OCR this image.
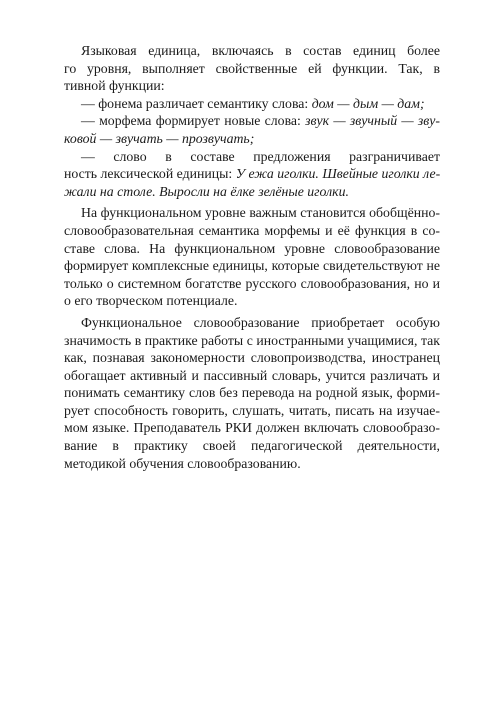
Языковая единица, включаясь в состав единиц более
го уровня, выполняет свойственные ей функции. Так, в
тивной функции:
— фонема различает семантику слова: дом — дым — дам;
— морфема формирует новые слова: звук — звучный — зву-
ковой — звучать — прозвучать;
— слово в составе предложения разграничивает
ность лексической единицы: У ежа иголки. Швейные иголки ле-
жали на столе. Выросли на ёлке зелёные иголки.
На функциональном уровне важным становится обобщённо-
словообразовательная семантика морфемы и её функция в со-
ставе слова. На функциональном уровне словообразование
формирует комплексные единицы, которые свидетельствуют не
только о системном богатстве русского словообразования, но и
о его творческом потенциале.
Функциональное словообразование приобретает особую
значимость в практике работы с иностранными учащимися, так
как, познавая закономерности словопроизводства, иностранец
обогащает активный и пассивный словарь, учится различать и
понимать семантику слов без перевода на родной язык, форми-
рует способность говорить, слушать, читать, писать на изучае-
мом языке. Преподаватель РКИ должен включать словообразо-
вание в практику своей педагогической деятельности,
методикой обучения словообразованию.
